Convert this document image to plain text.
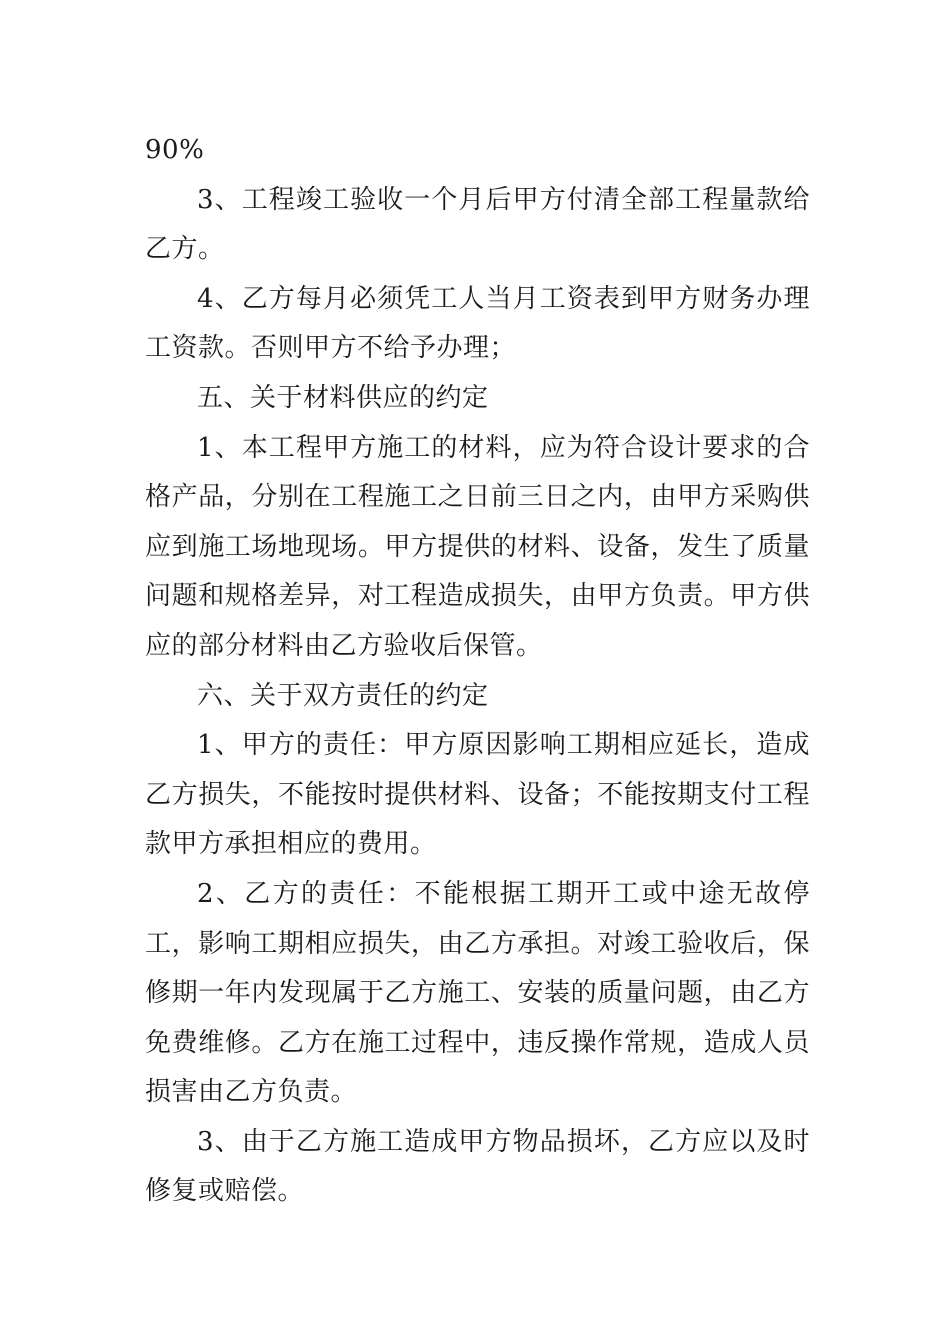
90%

3、工程竣工验收一个月后甲方付清全部工程量款给乙方。

4、乙方每月必须凭工人当月工资表到甲方财务办理工资款。否则甲方不给予办理；

五、关于材料供应的约定

1、本工程甲方施工的材料，应为符合设计要求的合格产品，分别在工程施工之日前三日之内，由甲方采购供应到施工场地现场。甲方提供的材料、设备，发生了质量问题和规格差异，对工程造成损失，由甲方负责。甲方供应的部分材料由乙方验收后保管。

六、关于双方责任的约定

1、甲方的责任：甲方原因影响工期相应延长，造成乙方损失，不能按时提供材料、设备；不能按期支付工程款甲方承担相应的费用。

2、乙方的责任：不能根据工期开工或中途无故停工，影响工期相应损失，由乙方承担。对竣工验收后，保修期一年内发现属于乙方施工、安装的质量问题，由乙方免费维修。乙方在施工过程中，违反操作常规，造成人员损害由乙方负责。

3、由于乙方施工造成甲方物品损坏，乙方应以及时修复或赔偿。
